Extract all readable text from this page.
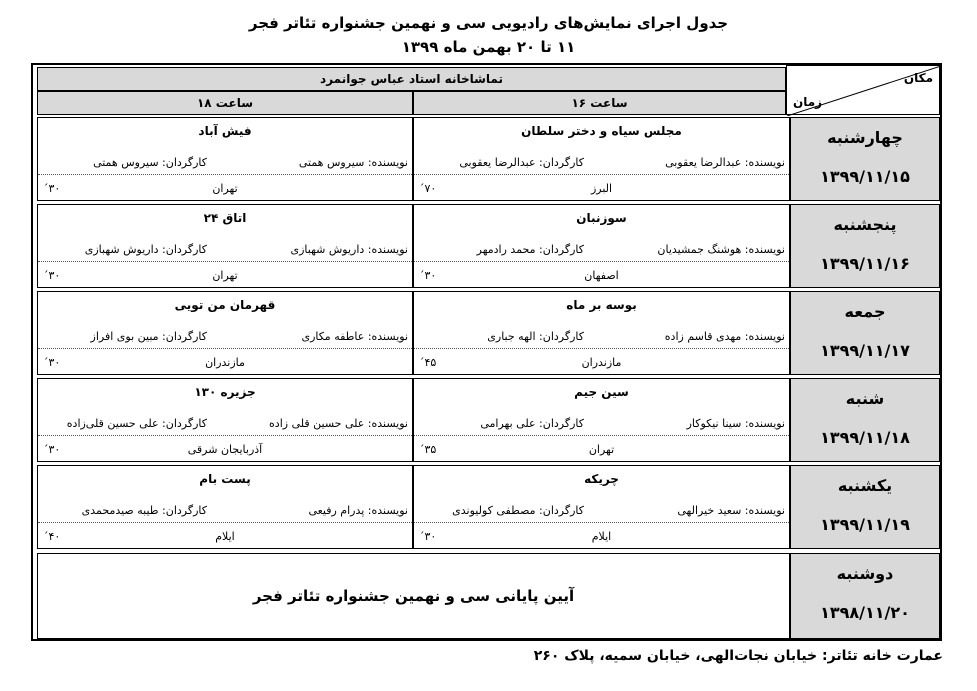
جدول اجرای نمایش‌های رادیویی سی و نهمین جشنواره تئاتر فجر
۱۱ تا ۲۰ بهمن ماه ۱۳۹۹
مکان
زمان
تماشاخانه استاد عباس جوانمرد
ساعت ۱۶
ساعت ۱۸
چهارشنبه
۱۳۹۹/۱۱/۱۵
مجلس سیاه و دختر سلطان
نویسنده: عبدالرضا یعقوبی
کارگردان: عبدالرضا یعقوبی
البرز
۷۰´
فیش آباد
نویسنده: سیروس همتی
کارگردان: سیروس همتی
تهران
۳۰´
پنجشنبه
۱۳۹۹/۱۱/۱۶
سوزنبان
نویسنده: هوشنگ جمشیدیان
کارگردان: محمد رادمهر
اصفهان
۳۰´
اتاق ۲۴
نویسنده: داریوش شهبازی
کارگردان: داریوش شهبازی
تهران
۳۰´
جمعه
۱۳۹۹/۱۱/۱۷
بوسه بر ماه
نویسنده: مهدی قاسم زاده
کارگردان: الهه جباری
مازندران
۴۵´
قهرمان من تویی
نویسنده: عاطفه مکاری
کارگردان: مبین بوی افراز
مازندران
۳۰´
شنبه
۱۳۹۹/۱۱/۱۸
سین جیم
نویسنده: سینا نیکوکار
کارگردان: علی بهرامی
تهران
۳۵´
جزیره ۱۳۰
نویسنده: علی حسین قلی زاده
کارگردان: علی حسین قلی‌زاده
آذربایجان شرقی
۳۰´
یکشنبه
۱۳۹۹/۱۱/۱۹
چریکه
نویسنده: سعید خیرالهی
کارگردان: مصطفی کولیوندی
ایلام
۳۰´
پست بام
نویسنده: پدرام رفیعی
کارگردان: طیبه صیدمحمدی
ایلام
۴۰´
دوشنبه
۱۳۹۸/۱۱/۲۰
آیین پایانی سی و نهمین جشنواره تئاتر فجر
عمارت خانه تئاتر: خیابان نجات‌الهی، خیابان سمیه، پلاک ۲۶۰
